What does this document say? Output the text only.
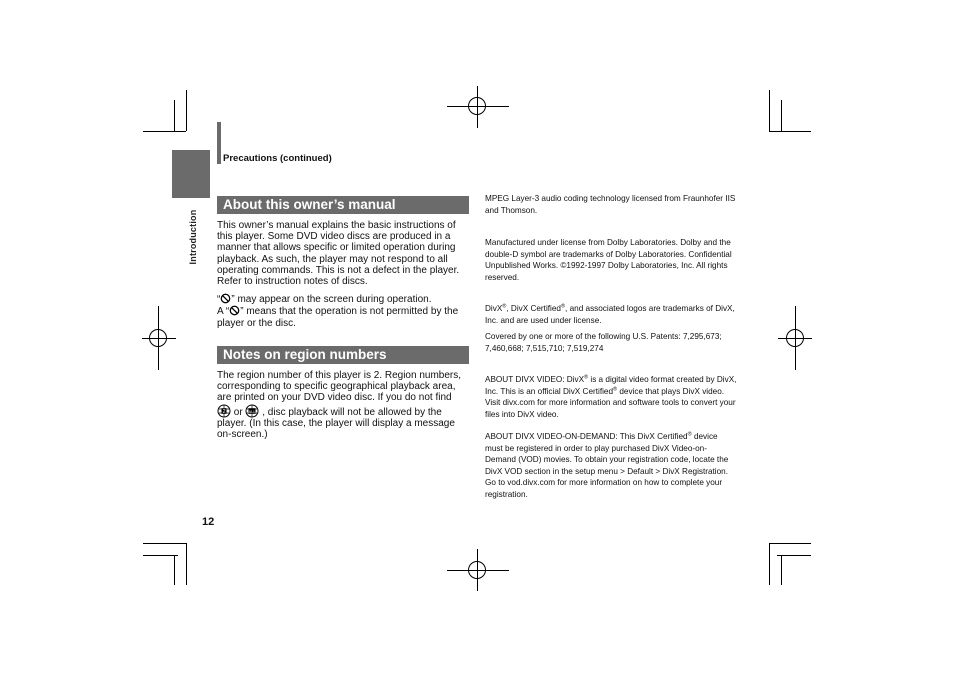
Introduction
Precautions (continued)
About this owner’s manual

This owner’s manual explains the basic instructions of this player. Some DVD video discs are produced in a manner that allows specific or limited operation during playback. As such, the player may not respond to all operating commands. This is not a defect in the player. Refer to instruction notes of discs.

“ ” may appear on the screen during operation.
A “ ” means that the operation is not permitted by the player or the disc.

Notes on region numbers

The region number of this player is 2. Region numbers, corresponding to specific geographical playback area, are printed on your DVD video disc. If you do not find

2 or ALL , disc playback will not be allowed by the player. (In this case, the player will display a message on-screen.)

MPEG Layer-3 audio coding technology licensed from Fraunhofer IIS and Thomson.

Manufactured under license from Dolby Laboratories. Dolby and the double-D symbol are trademarks of Dolby Laboratories. Confidential Unpublished Works. ©1992-1997 Dolby Laboratories, Inc. All rights reserved.

DivX®, DivX Certified®, and associated logos are trademarks of DivX, Inc. and are used under license.

Covered by one or more of the following U.S. Patents: 7,295,673; 7,460,668; 7,515,710; 7,519,274

ABOUT DIVX VIDEO: DivX® is a digital video format created by DivX, Inc. This is an official DivX Certified® device that plays DivX video. Visit divx.com for more information and software tools to convert your files into DivX video.

ABOUT DIVX VIDEO-ON-DEMAND: This DivX Certified® device must be registered in order to play purchased DivX Video-on-Demand (VOD) movies. To obtain your registration code, locate the DivX VOD section in the setup menu > Default > DivX Registration. Go to vod.divx.com for more information on how to complete your registration.

12
